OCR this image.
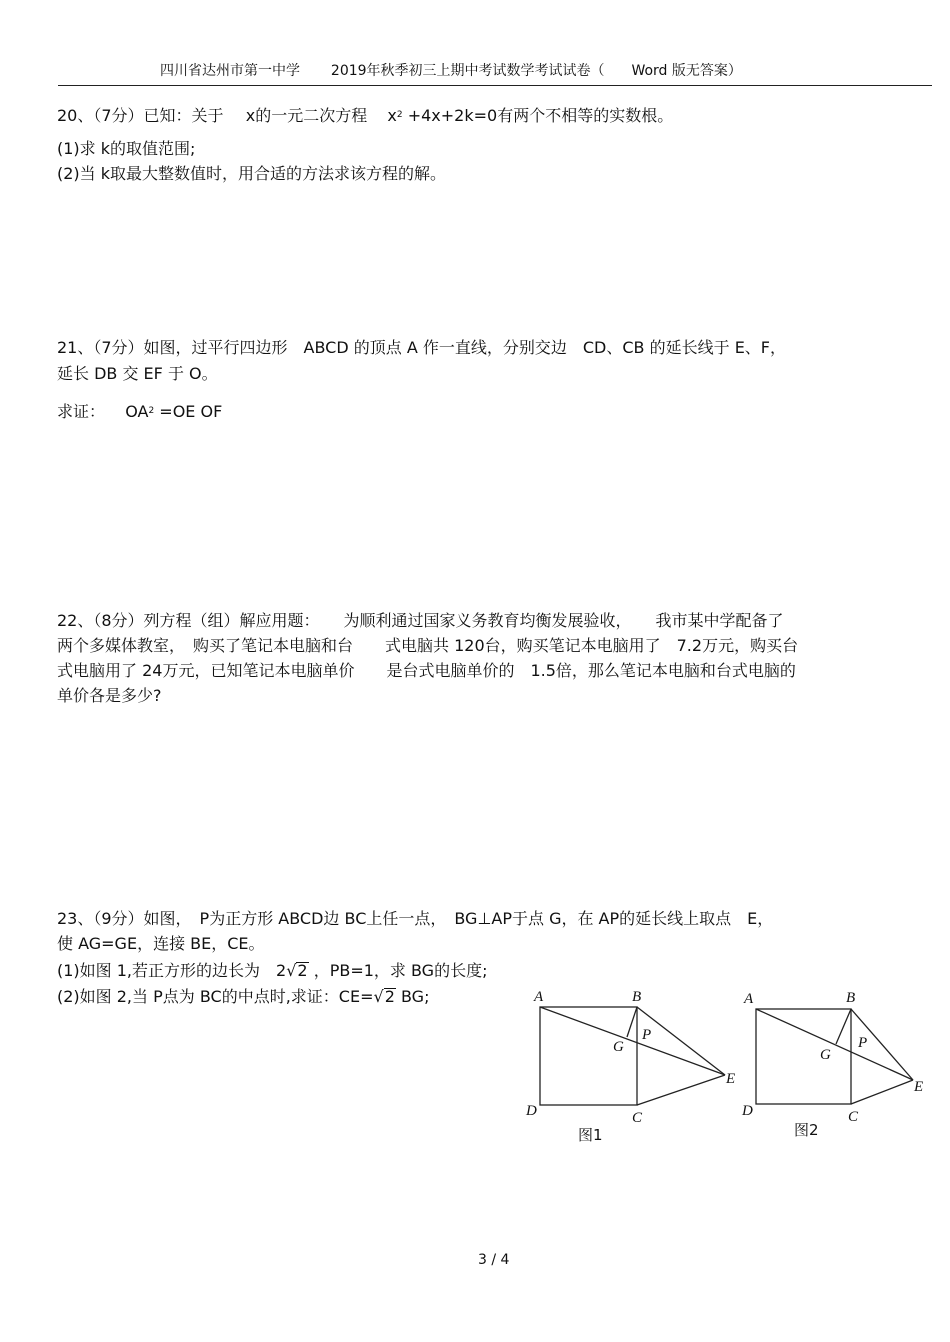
四川省达州市第一中学 2019年秋季初三上期中考试数学考试试卷（ Word 版无答案）
20、（7分）已知：关于 x的一元二次方程 $x^2 +4x+2k=0$有两个不相等的实数根。
(1)求 k的取值范围;
(2)当 k取最大整数值时，用合适的方法求该方程的解。
21、（7分）如图，过平行四边形　ABCD 的顶点 A 作一直线，分别交边　CD、CB 的延长线于 E、F，
延长 DB 交 EF 于 O。
求证： $OA^2 =OE$ OF
22、（8分）列方程（组）解应用题：　　为顺利通过国家义务教育均衡发展验收，　　我市某中学配备了
两个多媒体教室，　购买了笔记本电脑和台　　式电脑共 120台，购买笔记本电脑用了　7.2万元，购买台
式电脑用了 24万元，已知笔记本电脑单价　　是台式电脑单价的　1.5倍，那么笔记本电脑和台式电脑的
单价各是多少?
23、（9分）如图，　P为正方形 ABCD边 BC上任一点，　BG⊥AP于点 G，在 AP的延长线上取点　E，
使 AG=GE，连接 BE，CE。
(1)如图 1,若正方形的边长为　2√2 ，PB=1，求 BG的长度;
(2)如图 2,当 P点为 BC的中点时,求证：CE=√2 BG;	A	B
C
D
E
G
P
图1
A	B
C
D
E
G
P
图2
3 / 4
